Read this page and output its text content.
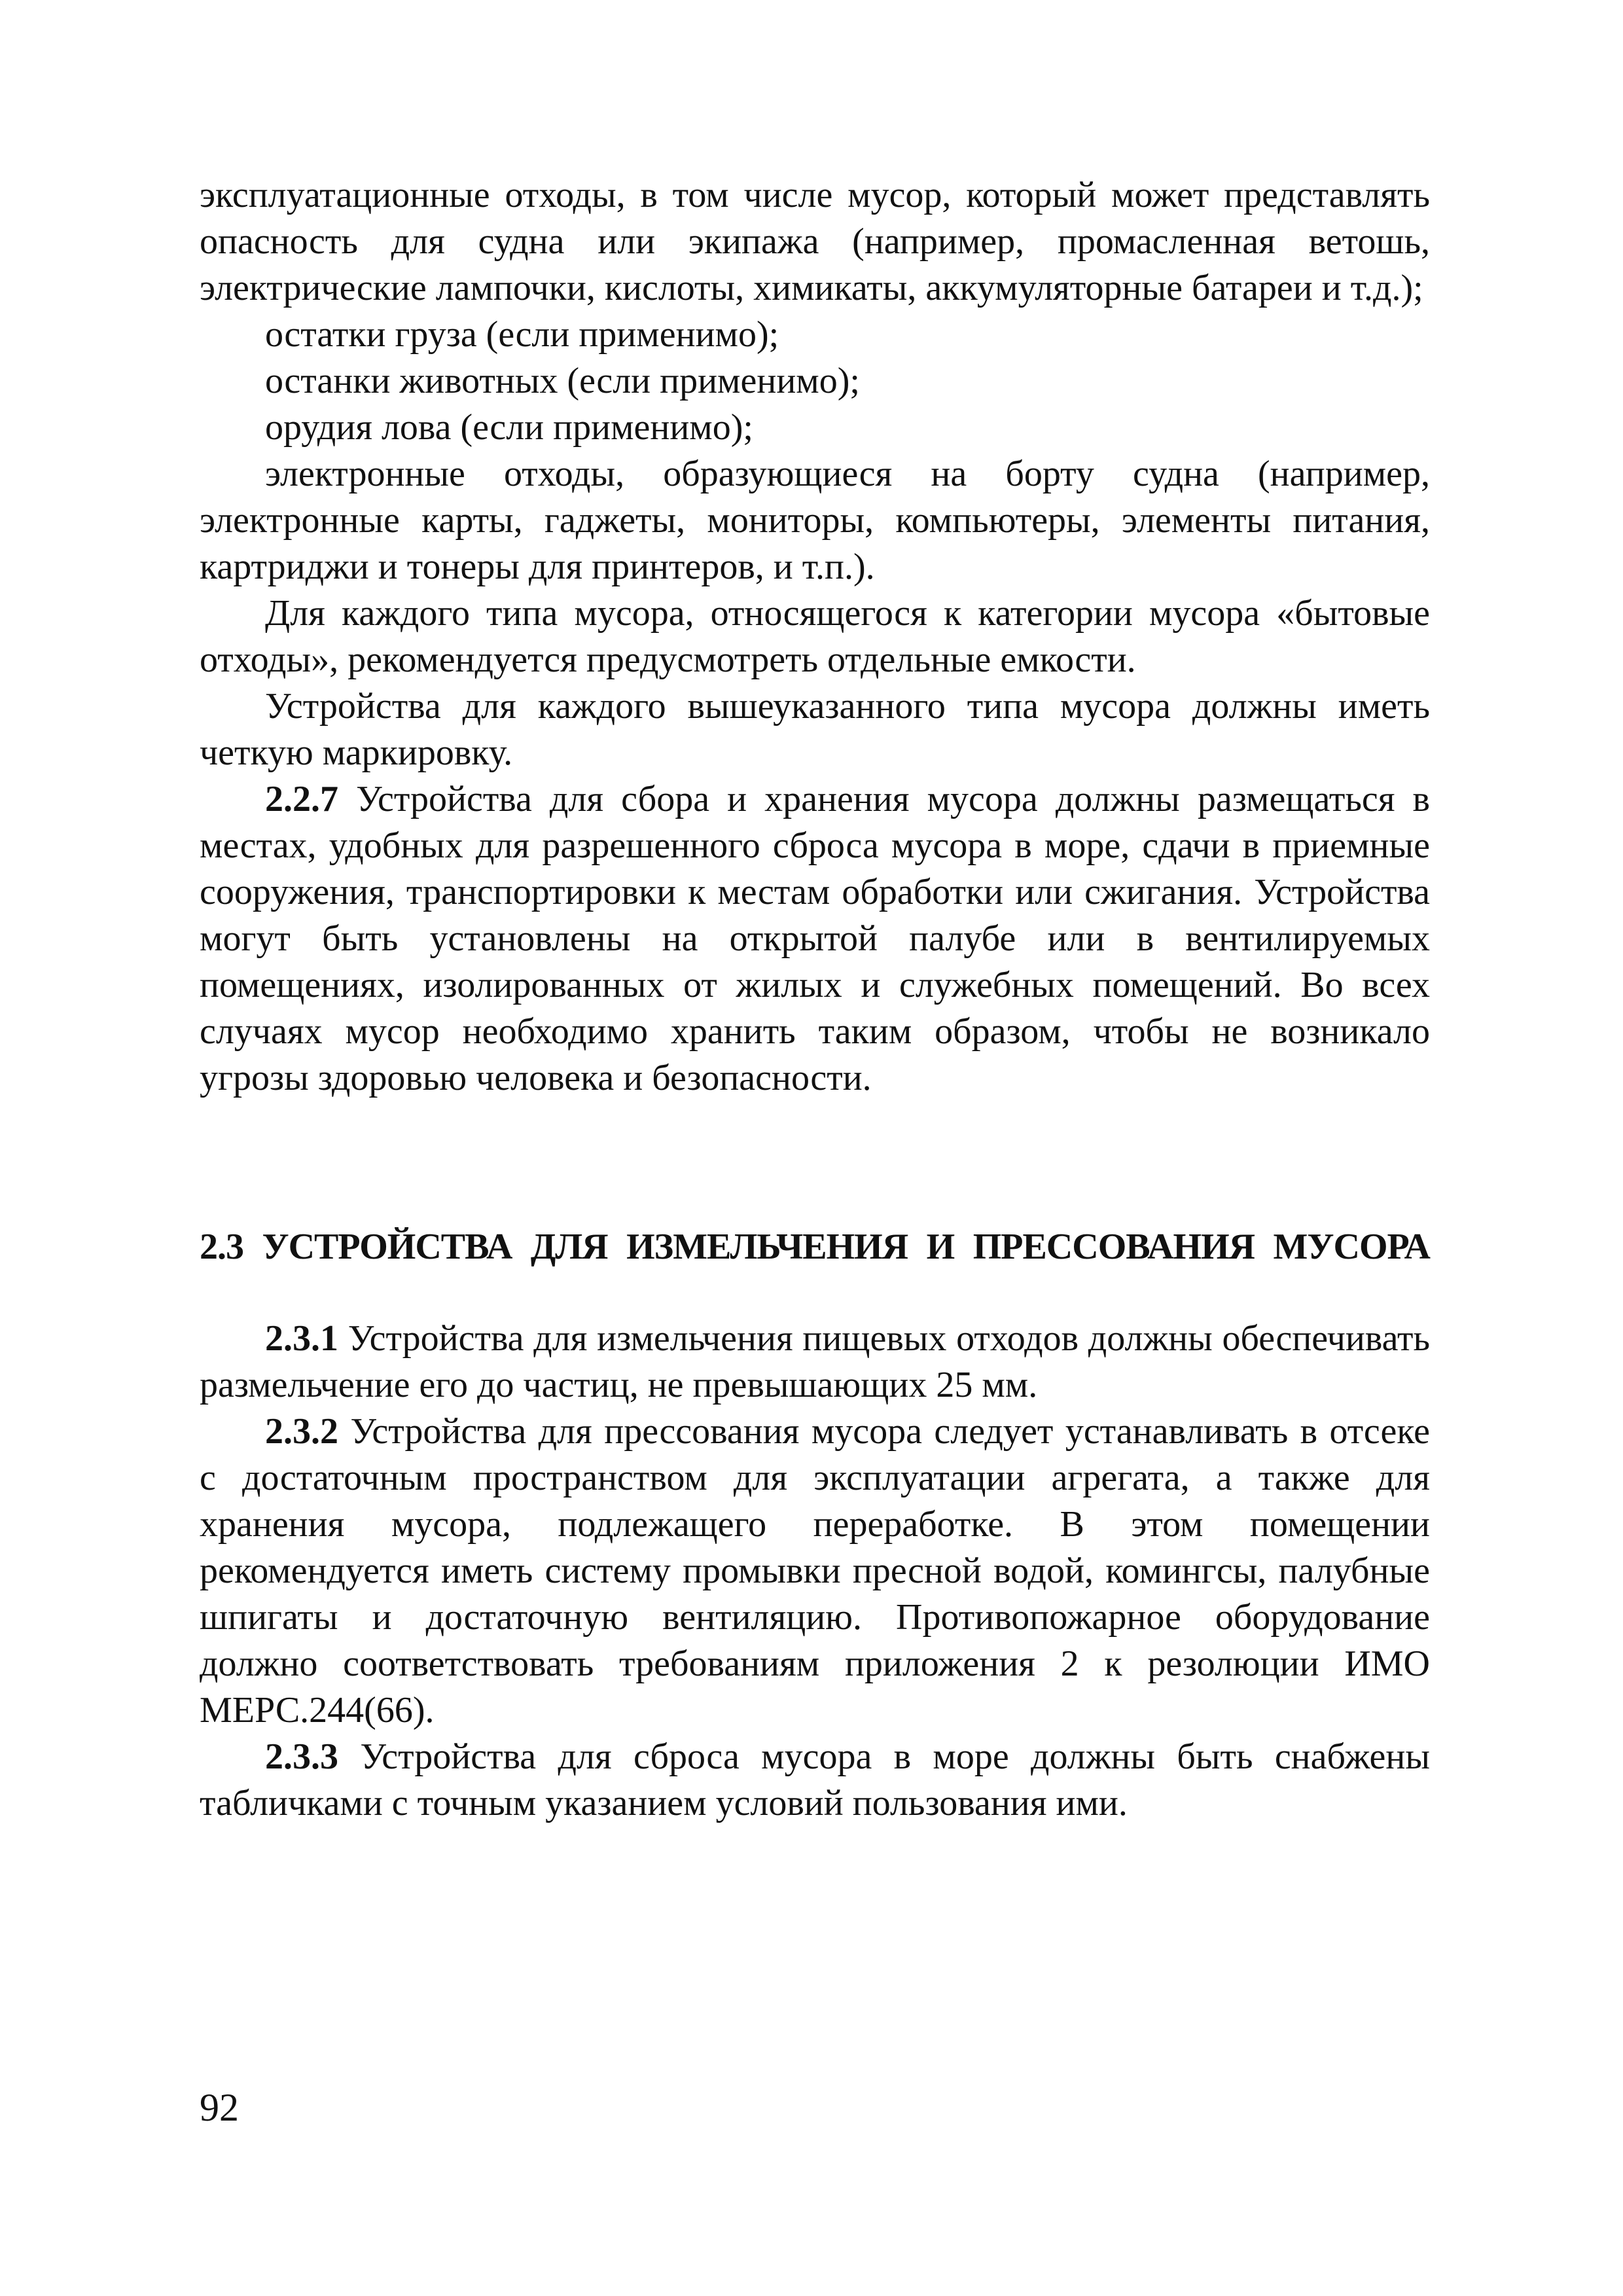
эксплуатационные отходы, в том числе мусор, который может представлять опасность для судна или экипажа (например, промасленная ветошь, электрические лампочки, кислоты, химикаты, аккумуляторные батареи и т.д.);

остатки груза (если применимо);

останки животных (если применимо);

орудия лова (если применимо);

электронные отходы, образующиеся на борту судна (например, электронные карты, гаджеты, мониторы, компьютеры, элементы питания, картриджи и тонеры для принтеров, и т.п.).

Для каждого типа мусора, относящегося к категории мусора «бытовые отходы», рекомендуется предусмотреть отдельные емкости.

Устройства для каждого вышеуказанного типа мусора должны иметь четкую маркировку.

2.2.7 Устройства для сбора и хранения мусора должны размещаться в местах, удобных для разрешенного сброса мусора в море, сдачи в приемные сооружения, транспортировки к местам обработки или сжигания. Устройства могут быть установлены на открытой палубе или в вентилируемых помещениях, изолированных от жилых и служебных помещений. Во всех случаях мусор необходимо хранить таким образом, чтобы не возникало угрозы здоровью человека и безопасности.

2.3 УСТРОЙСТВА ДЛЯ ИЗМЕЛЬЧЕНИЯ И ПРЕССОВАНИЯ МУСОРА

2.3.1 Устройства для измельчения пищевых отходов должны обеспечивать размельчение его до частиц, не превышающих 25 мм.

2.3.2 Устройства для прессования мусора следует устанавливать в отсеке с достаточным пространством для эксплуатации агрегата, а также для хранения мусора, подлежащего переработке. В этом помещении рекомендуется иметь систему промывки пресной водой, комингсы, палубные шпигаты и достаточную вентиляцию. Противопожарное оборудование должно соответствовать требованиям приложения 2 к резолюции ИМО МЕРС.244(66).

2.3.3 Устройства для сброса мусора в море должны быть снабжены табличками с точным указанием условий пользования ими.

92
